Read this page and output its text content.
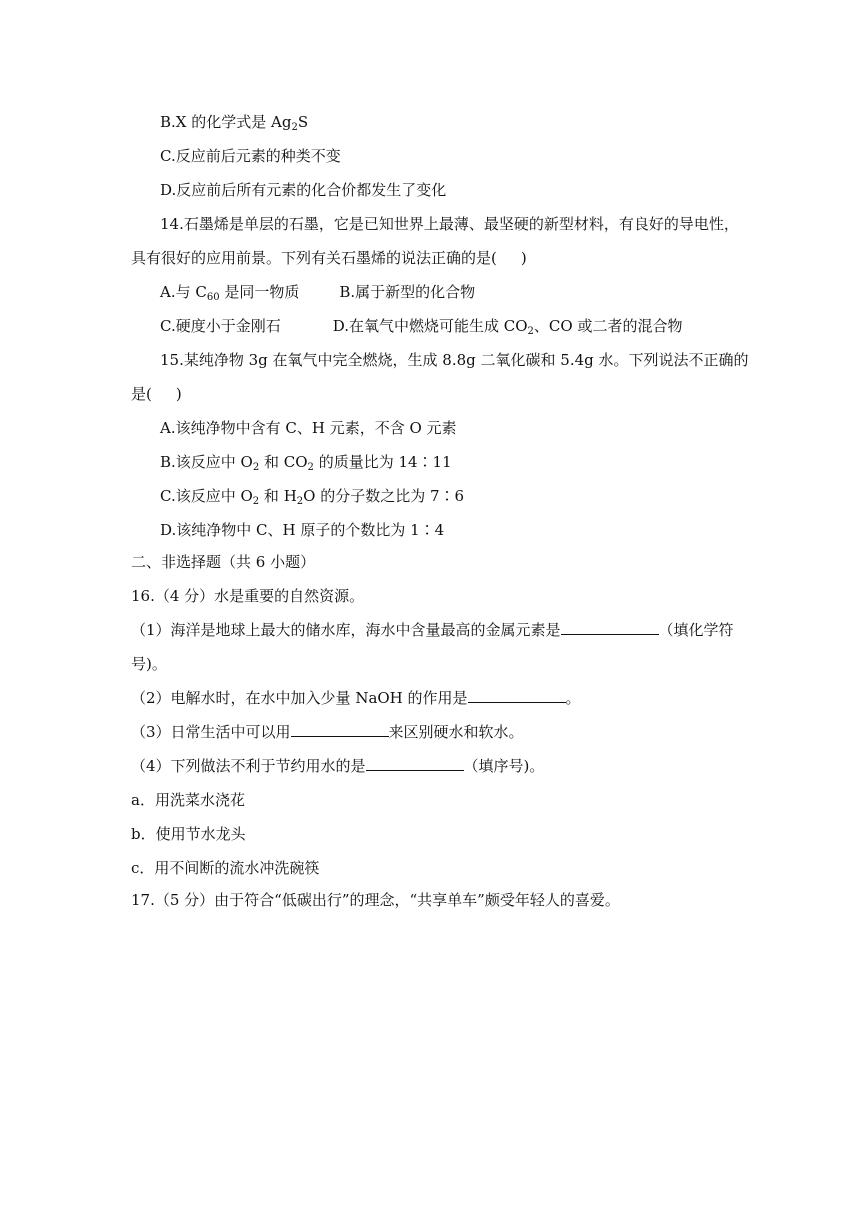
B.X 的化学式是 $Ag_2S$
C.反应前后元素的种类不变
D.反应前后所有元素的化合价都发生了变化
14.石墨烯是单层的石墨，它是已知世界上最薄、最坚硬的新型材料，有良好的导电性，
具有很好的应用前景。下列有关石墨烯的说法正确的是( )
A.与 $C_{60}$ 是同一物质	B.属于新型的化合物
C.硬度小于金刚石	D.在氧气中燃烧可能生成 $CO_2$、CO 或二者的混合物
15.某纯净物 3g 在氧气中完全燃烧，生成 8.8g 二氧化碳和 5.4g 水。下列说法不正确的
是( )
A.该纯净物中含有 C、H 元素，不含 O 元素
B.该反应中 $O_2$ 和 $CO_2$ 的质量比为 14∶11
C.该反应中 $O_2$ 和 $H_2O$ 的分子数之比为 7∶6
D.该纯净物中 C、H 原子的个数比为 1∶4
二、非选择题（共 6 小题）
16.（4 分）水是重要的自然资源。
（1）海洋是地球上最大的储水库，海水中含量最高的金属元素是	（填化学符
号)。
（2）电解水时，在水中加入少量 NaOH 的作用是	。
（3）日常生活中可以用	来区别硬水和软水。
（4）下列做法不利于节约用水的是	（填序号)。
a．用洗菜水浇花
b．使用节水龙头
c．用不间断的流水冲洗碗筷
17.（5 分）由于符合“低碳出行”的理念，“共享单车”颇受年轻人的喜爱。
